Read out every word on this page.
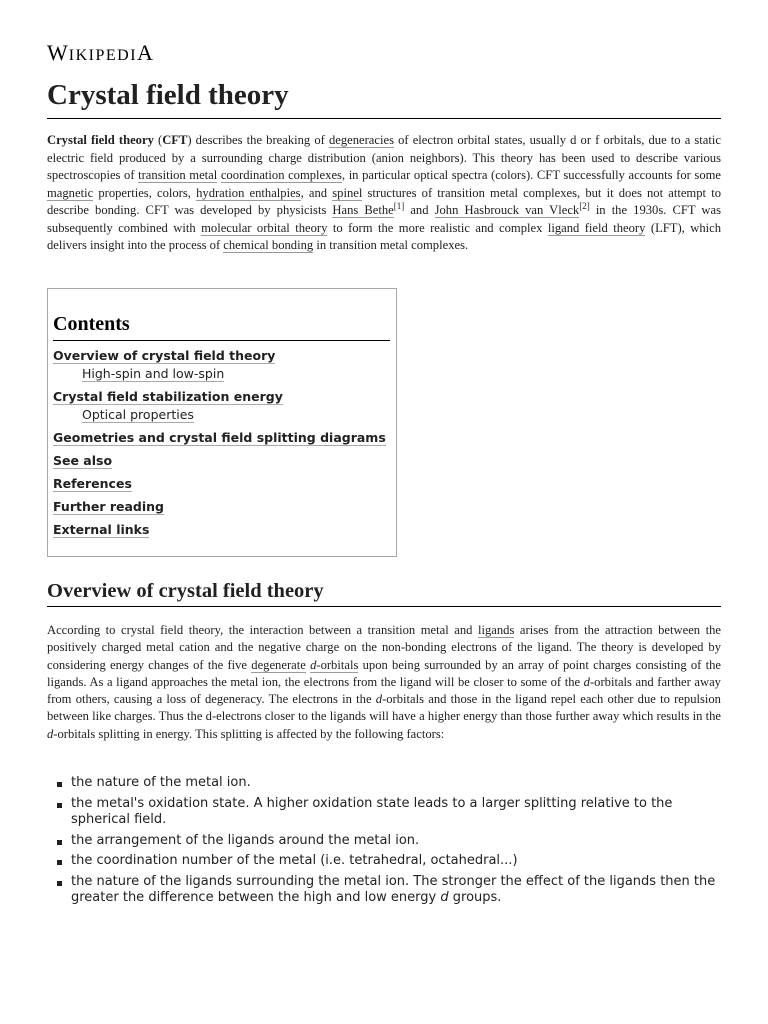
WIKIPEDIA
Crystal field theory

Crystal field theory (CFT) describes the breaking of degeneracies of electron orbital states, usually d or f orbitals, due to a static electric field produced by a surrounding charge distribution (anion neighbors). This theory has been used to describe various spectroscopies of transition metal coordination complexes, in particular optical spectra (colors). CFT successfully accounts for some magnetic properties, colors, hydration enthalpies, and spinel structures of transition metal complexes, but it does not attempt to describe bonding. CFT was developed by physicists Hans Bethe[1] and John Hasbrouck van Vleck[2] in the 1930s. CFT was subsequently combined with molecular orbital theory to form the more realistic and complex ligand field theory (LFT), which delivers insight into the process of chemical bonding in transition metal complexes.

Contents
Overview of crystal field theory
High-spin and low-spin
Crystal field stabilization energy
Optical properties
Geometries and crystal field splitting diagrams
See also
References
Further reading
External links
Overview of crystal field theory

According to crystal field theory, the interaction between a transition metal and ligands arises from the attraction between the positively charged metal cation and the negative charge on the non-bonding electrons of the ligand. The theory is developed by considering energy changes of the five degenerate d-orbitals upon being surrounded by an array of point charges consisting of the ligands. As a ligand approaches the metal ion, the electrons from the ligand will be closer to some of the d-orbitals and farther away from others, causing a loss of degeneracy. The electrons in the d-orbitals and those in the ligand repel each other due to repulsion between like charges. Thus the d-electrons closer to the ligands will have a higher energy than those further away which results in the d-orbitals splitting in energy. This splitting is affected by the following factors:

the nature of the metal ion.
the metal's oxidation state. A higher oxidation state leads to a larger splitting relative to the spherical field.
the arrangement of the ligands around the metal ion.
the coordination number of the metal (i.e. tetrahedral, octahedral...)
the nature of the ligands surrounding the metal ion. The stronger the effect of the ligands then the greater the difference between the high and low energy d groups.
